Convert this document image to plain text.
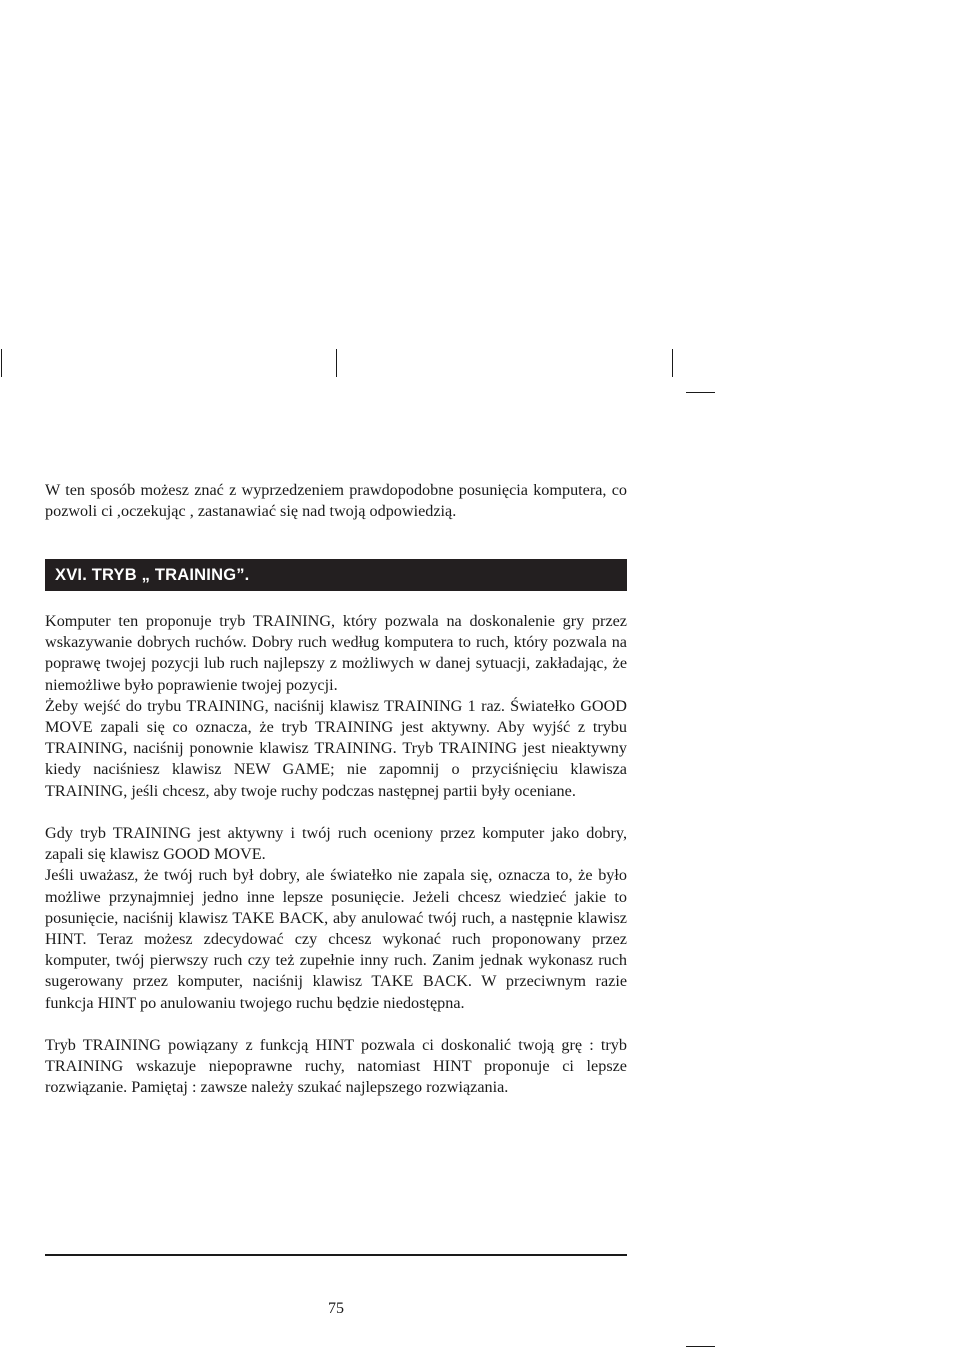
W ten sposób możesz znać z wyprzedzeniem prawdopodobne posunięcia komputera, co pozwoli ci ,oczekując , zastanawiać się nad twoją odpowiedzią.

XVI. TRYB „ TRAINING”.

Komputer ten proponuje tryb TRAINING, który pozwala na doskonalenie gry przez wskazywanie dobrych ruchów. Dobry ruch według komputera to ruch, który pozwala na poprawę twojej pozycji lub ruch najlepszy z możliwych w danej sytuacji, zakładając, że niemożliwe było poprawienie twojej pozycji.

Żeby wejść do trybu TRAINING, naciśnij klawisz TRAINING 1 raz. Światełko GOOD MOVE zapali się co oznacza, że tryb TRAINING jest aktywny. Aby wyjść z trybu TRAINING, naciśnij ponownie klawisz TRAINING. Tryb TRAINING jest nieaktywny kiedy naciśniesz klawisz NEW GAME; nie zapomnij o przyciśnięciu klawisza TRAINING, jeśli chcesz, aby twoje ruchy podczas następnej partii były oceniane.

Gdy tryb TRAINING jest aktywny i twój ruch oceniony przez komputer jako dobry, zapali się klawisz GOOD MOVE.

Jeśli uważasz, że twój ruch był dobry, ale światełko nie zapala się, oznacza to, że było możliwe przynajmniej jedno inne lepsze posunięcie. Jeżeli chcesz wiedzieć jakie to posunięcie, naciśnij klawisz TAKE BACK, aby anulować twój ruch, a następnie klawisz HINT. Teraz możesz zdecydować czy chcesz wykonać ruch proponowany przez komputer, twój pierwszy ruch czy też zupełnie inny ruch. Zanim jednak wykonasz ruch sugerowany przez komputer, naciśnij klawisz TAKE BACK. W przeciwnym razie funkcja HINT po anulowaniu twojego ruchu będzie niedostępna.

Tryb TRAINING powiązany z funkcją HINT pozwala ci doskonalić twoją grę : tryb TRAINING wskazuje niepoprawne ruchy, natomiast HINT proponuje ci lepsze rozwiązanie. Pamiętaj : zawsze należy szukać najlepszego rozwiązania.

75
